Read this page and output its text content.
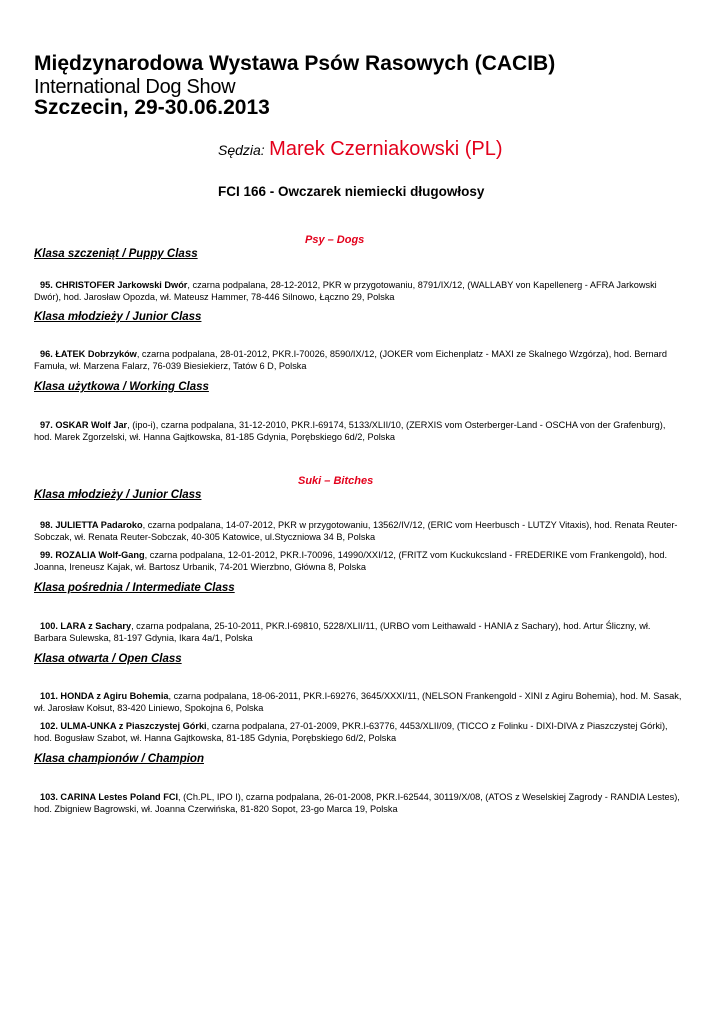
Międzynarodowa Wystawa Psów Rasowych (CACIB)
International Dog Show
Szczecin, 29-30.06.2013
Sędzia: Marek Czerniakowski (PL)
FCI 166 - Owczarek niemiecki długowłosy
Psy – Dogs
Klasa szczeniąt / Puppy Class
95. CHRISTOFER Jarkowski Dwór, czarna podpalana, 28-12-2012, PKR w przygotowaniu, 8791/IX/12, (WALLABY von Kapellenerg - AFRA Jarkowski Dwór), hod. Jarosław Opozda, wł. Mateusz Hammer, 78-446 Silnowo, Łączno 29, Polska
Klasa młodzieży / Junior Class
96. ŁATEK Dobrzyków, czarna podpalana, 28-01-2012, PKR.I-70026, 8590/IX/12, (JOKER vom Eichenplatz - MAXI ze Skalnego Wzgórza), hod. Bernard Famuła, wł. Marzena Falarz, 76-039 Biesiekierz, Tatów 6 D, Polska
Klasa użytkowa / Working Class
97. OSKAR Wolf Jar, (ipo-i), czarna podpalana, 31-12-2010, PKR.I-69174, 5133/XLII/10, (ZERXIS vom Osterberger-Land - OSCHA von der Grafenburg), hod. Marek Zgorzelski, wł. Hanna Gajtkowska, 81-185 Gdynia, Porębskiego 6d/2, Polska
Suki – Bitches
Klasa młodzieży / Junior Class
98. JULIETTA Padaroko, czarna podpalana, 14-07-2012, PKR w przygotowaniu, 13562/IV/12, (ERIC vom Heerbusch - LUTZY Vitaxis), hod. Renata Reuter-Sobczak, wł. Renata Reuter-Sobczak, 40-305 Katowice, ul.Styczniowa 34 B, Polska
99. ROZALIA Wolf-Gang, czarna podpalana, 12-01-2012, PKR.I-70096, 14990/XXI/12, (FRITZ vom Kuckukcsland - FREDERIKE vom Frankengold), hod. Joanna, Ireneusz Kajak, wł. Bartosz Urbanik, 74-201 Wierzbno, Główna 8, Polska
Klasa pośrednia / Intermediate Class
100. LARA z Sachary, czarna podpalana, 25-10-2011, PKR.I-69810, 5228/XLII/11, (URBO vom Leithawald - HANIA z Sachary), hod. Artur Śliczny, wł. Barbara Sulewska, 81-197 Gdynia, Ikara 4a/1, Polska
Klasa otwarta / Open Class
101. HONDA z Agiru Bohemia, czarna podpalana, 18-06-2011, PKR.I-69276, 3645/XXXI/11, (NELSON Frankengold - XINI z Agiru Bohemia), hod. M. Sasak, wł. Jarosław Kołsut, 83-420 Liniewo, Spokojna 6, Polska
102. ULMA-UNKA z Piaszczystej Górki, czarna podpalana, 27-01-2009, PKR.I-63776, 4453/XLII/09, (TICCO z Folinku - DIXI-DIVA z Piaszczystej Górki), hod. Bogusław Szabot, wł. Hanna Gajtkowska, 81-185 Gdynia, Porębskiego 6d/2, Polska
Klasa championów / Champion
103. CARINA Lestes Poland FCI, (Ch.PL, IPO I), czarna podpalana, 26-01-2008, PKR.I-62544, 30119/X/08, (ATOS z Weselskiej Zagrody - RANDIA Lestes), hod. Zbigniew Bagrowski, wł. Joanna Czerwińska, 81-820 Sopot, 23-go Marca 19, Polska
